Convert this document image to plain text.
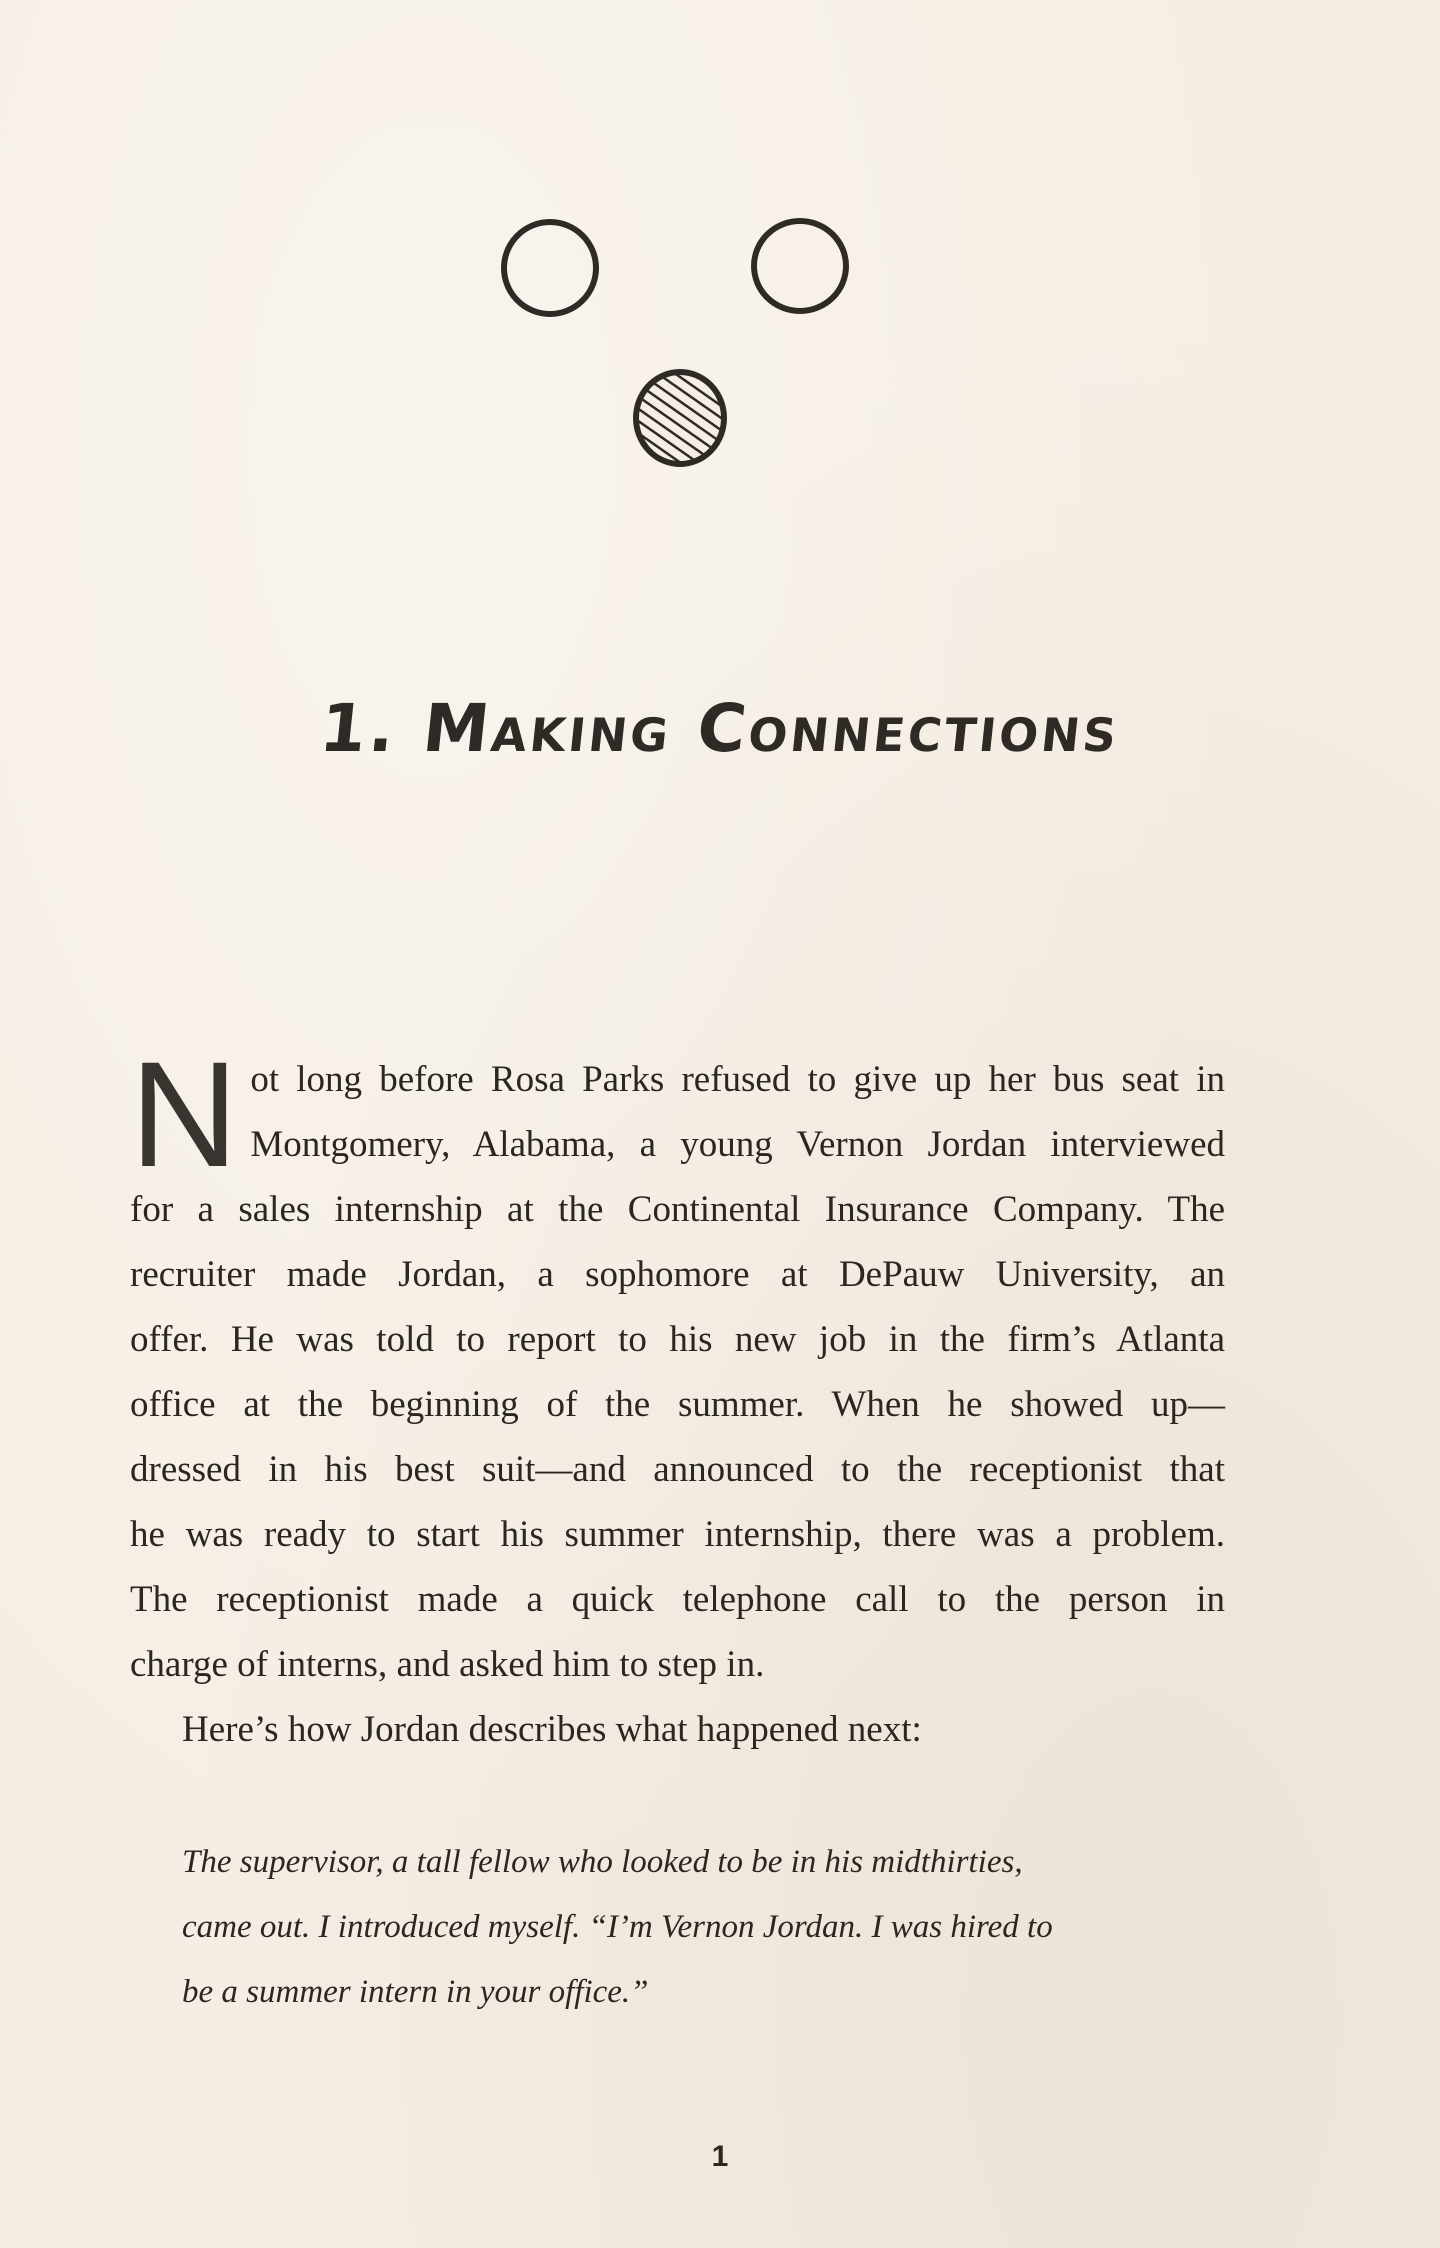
1. Making Connections

N ot long before Rosa Parks refused to give up her bus seat in
Montgomery, Alabama, a young Vernon Jordan interviewed
for a sales internship at the Continental Insurance Company. The
recruiter made Jordan, a sophomore at DePauw University, an
offer. He was told to report to his new job in the firm’s Atlanta
office at the beginning of the summer. When he showed up—
dressed in his best suit—and announced to the receptionist that
he was ready to start his summer internship, there was a problem.
The receptionist made a quick telephone call to the person in
charge of interns, and asked him to step in.

Here’s how Jordan describes what happened next:

The supervisor, a tall fellow who looked to be in his midthirties,

came out. I introduced myself. “I’m Vernon Jordan. I was hired to

be a summer intern in your office.”

1
